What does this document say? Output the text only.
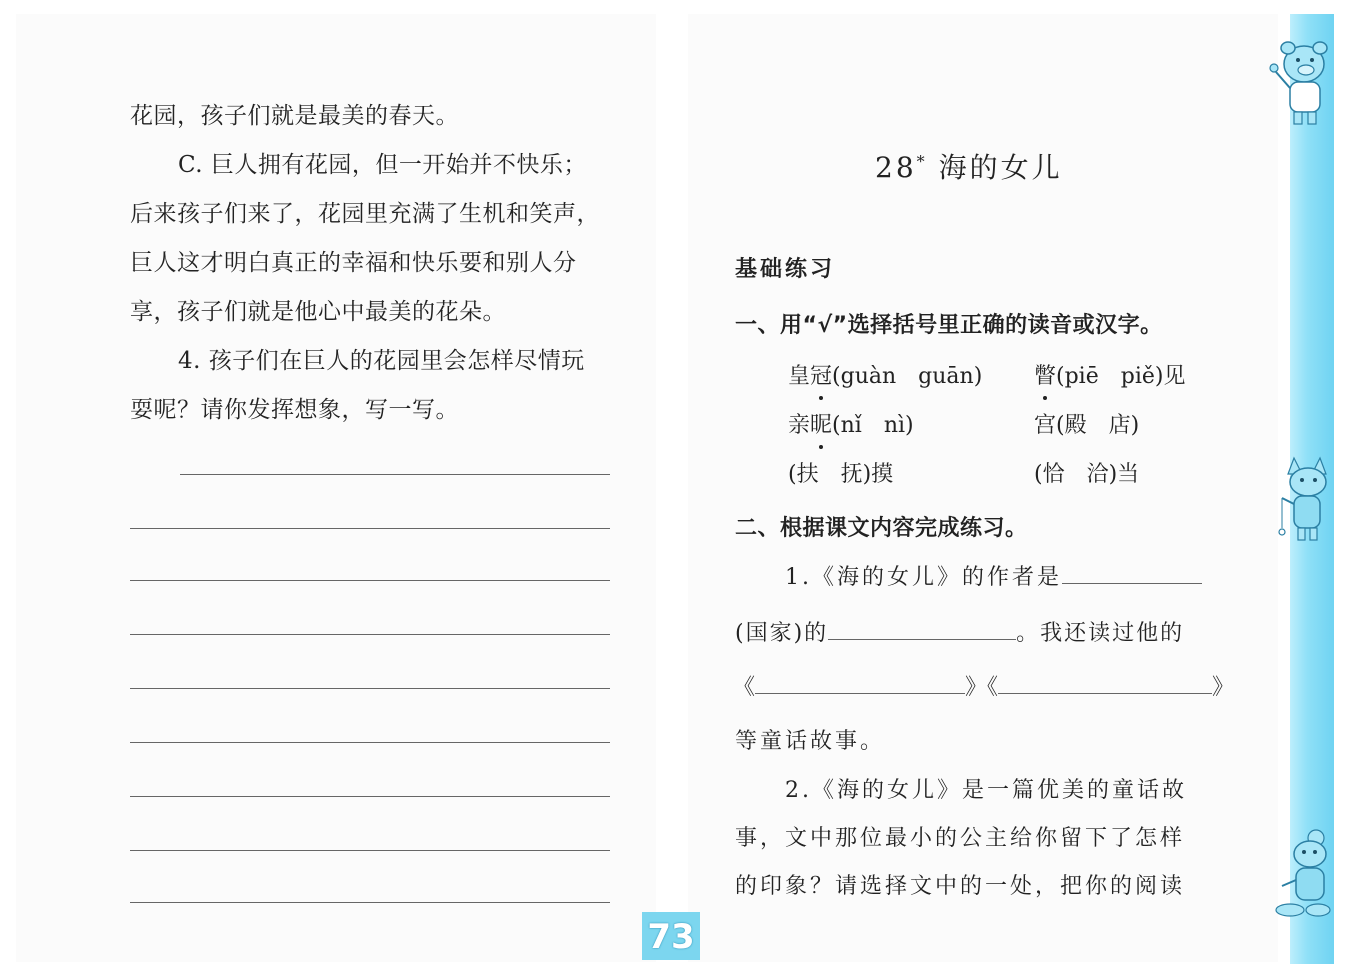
花园，孩子们就是最美的春天。
C. 巨人拥有花园，但一开始并不快乐；
后来孩子们来了，花园里充满了生机和笑声，
巨人这才明白真正的幸福和快乐要和别人分
享，孩子们就是他心中最美的花朵。
4. 孩子们在巨人的花园里会怎样尽情玩
耍呢？请你发挥想象，写一写。
73
28* 海的女儿
基础练习
一、用“√”选择括号里正确的读音或汉字。
皇冠(guàn　guān) 瞥(piē　piě)见
亲昵(nǐ　nì)	宫(殿　店)
(扶　抚)摸	(恰　洽)当
二、根据课文内容完成练习。
1.《海的女儿》的作者是
(国家)的	。我还读过他的
《	》《	》
等童话故事。
2.《海的女儿》是一篇优美的童话故
事，文中那位最小的公主给你留下了怎样
的印象？请选择文中的一处，把你的阅读
